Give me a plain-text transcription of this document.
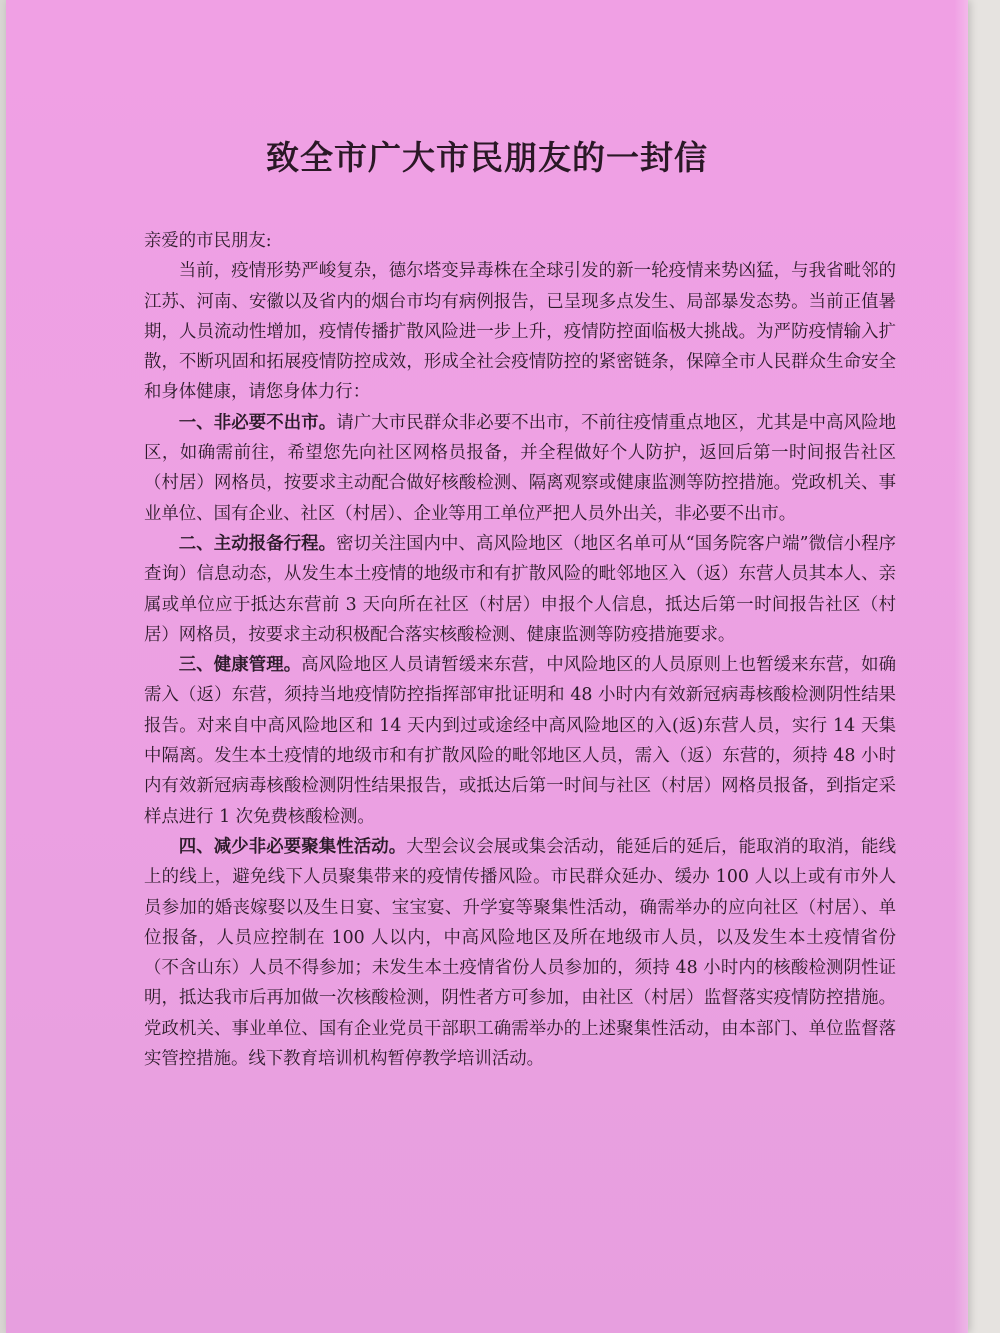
致全市广大市民朋友的一封信

亲爱的市民朋友:

当前，疫情形势严峻复杂，德尔塔变异毒株在全球引发的新一轮疫情来势凶猛，与我省毗邻的江苏、河南、安徽以及省内的烟台市均有病例报告，已呈现多点发生、局部暴发态势。当前正值暑期，人员流动性增加，疫情传播扩散风险进一步上升，疫情防控面临极大挑战。为严防疫情输入扩散，不断巩固和拓展疫情防控成效，形成全社会疫情防控的紧密链条，保障全市人民群众生命安全和身体健康，请您身体力行：

一、非必要不出市。请广大市民群众非必要不出市，不前往疫情重点地区，尤其是中高风险地区，如确需前往，希望您先向社区网格员报备，并全程做好个人防护，返回后第一时间报告社区（村居）网格员，按要求主动配合做好核酸检测、隔离观察或健康监测等防控措施。党政机关、事业单位、国有企业、社区（村居）、企业等用工单位严把人员外出关，非必要不出市。

二、主动报备行程。密切关注国内中、高风险地区（地区名单可从“国务院客户端”微信小程序查询）信息动态，从发生本土疫情的地级市和有扩散风险的毗邻地区入（返）东营人员其本人、亲属或单位应于抵达东营前 3 天向所在社区（村居）申报个人信息，抵达后第一时间报告社区（村居）网格员，按要求主动积极配合落实核酸检测、健康监测等防疫措施要求。

三、健康管理。高风险地区人员请暂缓来东营，中风险地区的人员原则上也暂缓来东营，如确需入（返）东营，须持当地疫情防控指挥部审批证明和 48 小时内有效新冠病毒核酸检测阴性结果报告。对来自中高风险地区和 14 天内到过或途经中高风险地区的入(返)东营人员，实行 14 天集中隔离。发生本土疫情的地级市和有扩散风险的毗邻地区人员，需入（返）东营的，须持 48 小时内有效新冠病毒核酸检测阴性结果报告，或抵达后第一时间与社区（村居）网格员报备，到指定采样点进行 1 次免费核酸检测。

四、减少非必要聚集性活动。大型会议会展或集会活动，能延后的延后，能取消的取消，能线上的线上，避免线下人员聚集带来的疫情传播风险。市民群众延办、缓办 100 人以上或有市外人员参加的婚丧嫁娶以及生日宴、宝宝宴、升学宴等聚集性活动，确需举办的应向社区（村居）、单位报备，人员应控制在 100 人以内，中高风险地区及所在地级市人员，以及发生本土疫情省份（不含山东）人员不得参加；未发生本土疫情省份人员参加的，须持 48 小时内的核酸检测阴性证明，抵达我市后再加做一次核酸检测，阴性者方可参加，由社区（村居）监督落实疫情防控措施。党政机关、事业单位、国有企业党员干部职工确需举办的上述聚集性活动，由本部门、单位监督落实管控措施。线下教育培训机构暂停教学培训活动。
